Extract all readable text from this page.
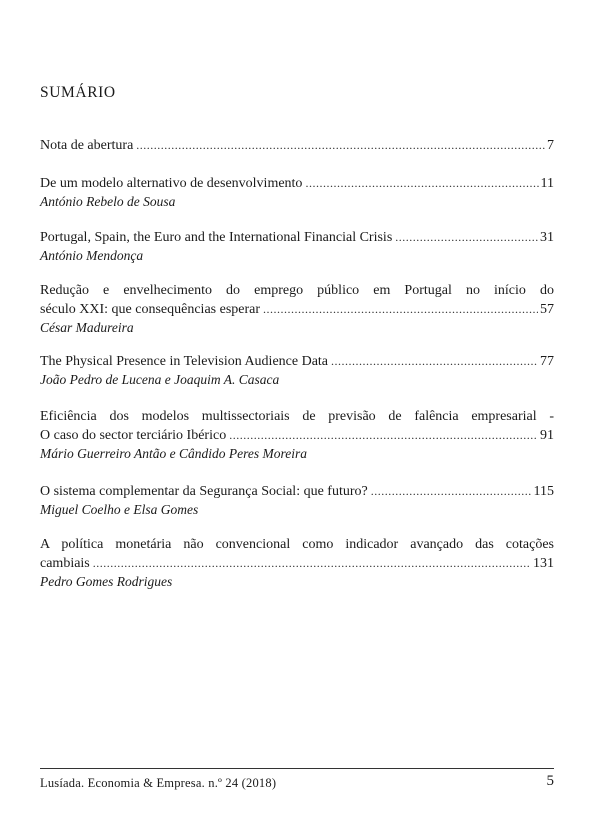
SUMÁRIO
Nota de abertura .....	7
De um modelo alternativo de desenvolvimento .....	11
António Rebelo de Sousa
Portugal, Spain, the Euro and the International Financial Crisis .....	31
António Mendonça
Redução e envelhecimento do emprego público em Portugal no início do
século XXI: que consequências esperar .....	57
César Madureira
The Physical Presence in Television Audience Data .....	77
João Pedro de Lucena e Joaquim A. Casaca
Eficiência dos modelos multissectoriais de previsão de falência empresarial -
O caso do sector terciário Ibérico .....	91
Mário Guerreiro Antão e Cândido Peres Moreira
O sistema complementar da Segurança Social: que futuro? .....	115
Miguel Coelho e Elsa Gomes
A política monetária não convencional como indicador avançado das cotações
cambiais .....	131
Pedro Gomes Rodrigues
Lusíada. Economia & Empresa. n.º 24 (2018)	5
